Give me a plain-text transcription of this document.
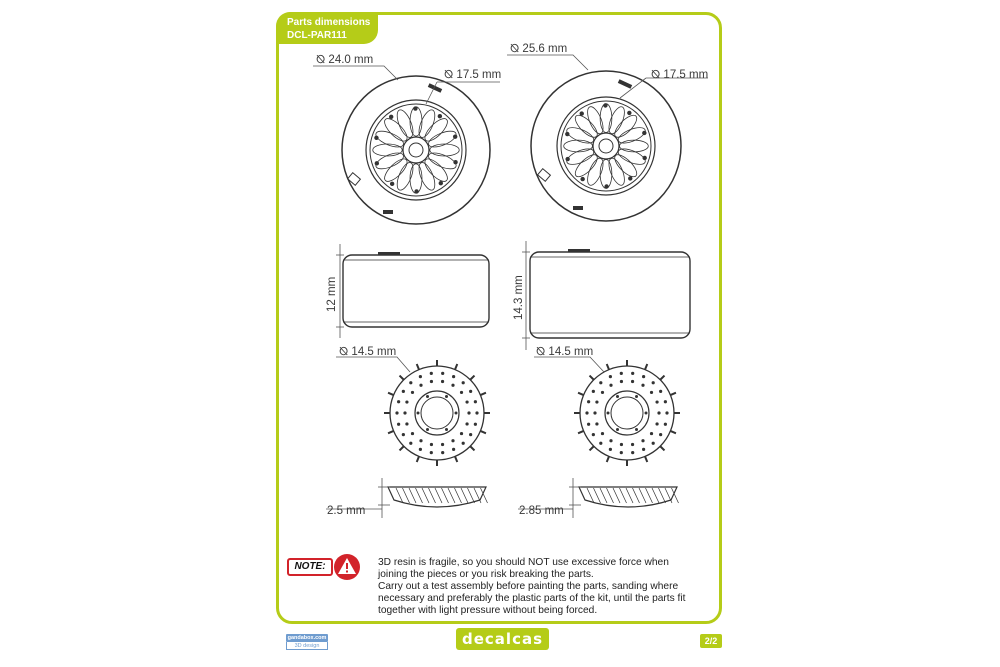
Parts dimensions
DCL-PAR111
⦰ 24.0 mm
⦰ 17.5 mm
⦰ 25.6 mm
⦰ 17.5 mm
12 mm	14.3 mm
⦰ 14.5 mm	⦰ 14.5 mm
2.5 mm	2.85 mm
NOTE:	3D resin is fragile, so you should NOT use excessive force when
joining the pieces or you risk breaking the parts.
Carry out a test assembly before painting the parts, sanding where
necessary and preferably the plastic parts of the kit, until the parts fit
together with light pressure without being forced.
gandabox.com
3D design	decalcas	2/2
